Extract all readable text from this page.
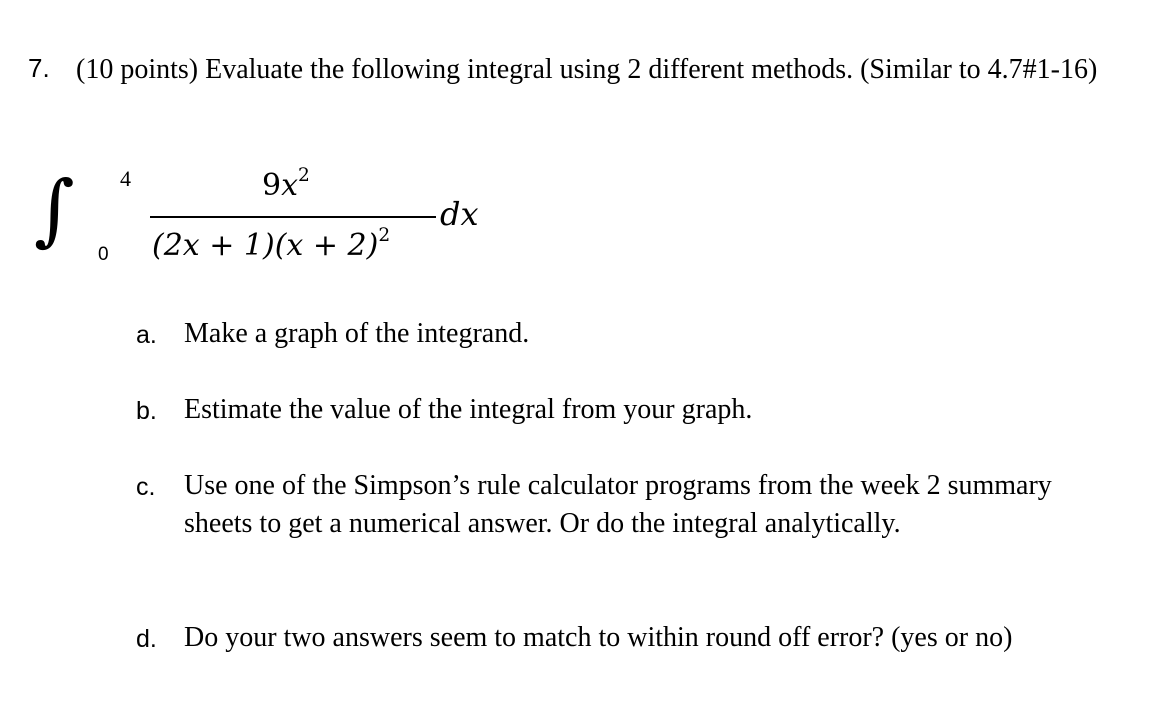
7. (10 points) Evaluate the following integral using 2 different methods. (Similar to 4.7#1-16)
∫ 4
0
$9x^2$
$(2x + 1)(x + 2)^2$
dx
a. Make a graph of the integrand.
b. Estimate the value of the integral from your graph.
c. Use one of the Simpson’s rule calculator programs from the week 2 summary sheets to get a numerical answer. Or do the integral analytically.
d. Do your two answers seem to match to within round off error? (yes or no)
